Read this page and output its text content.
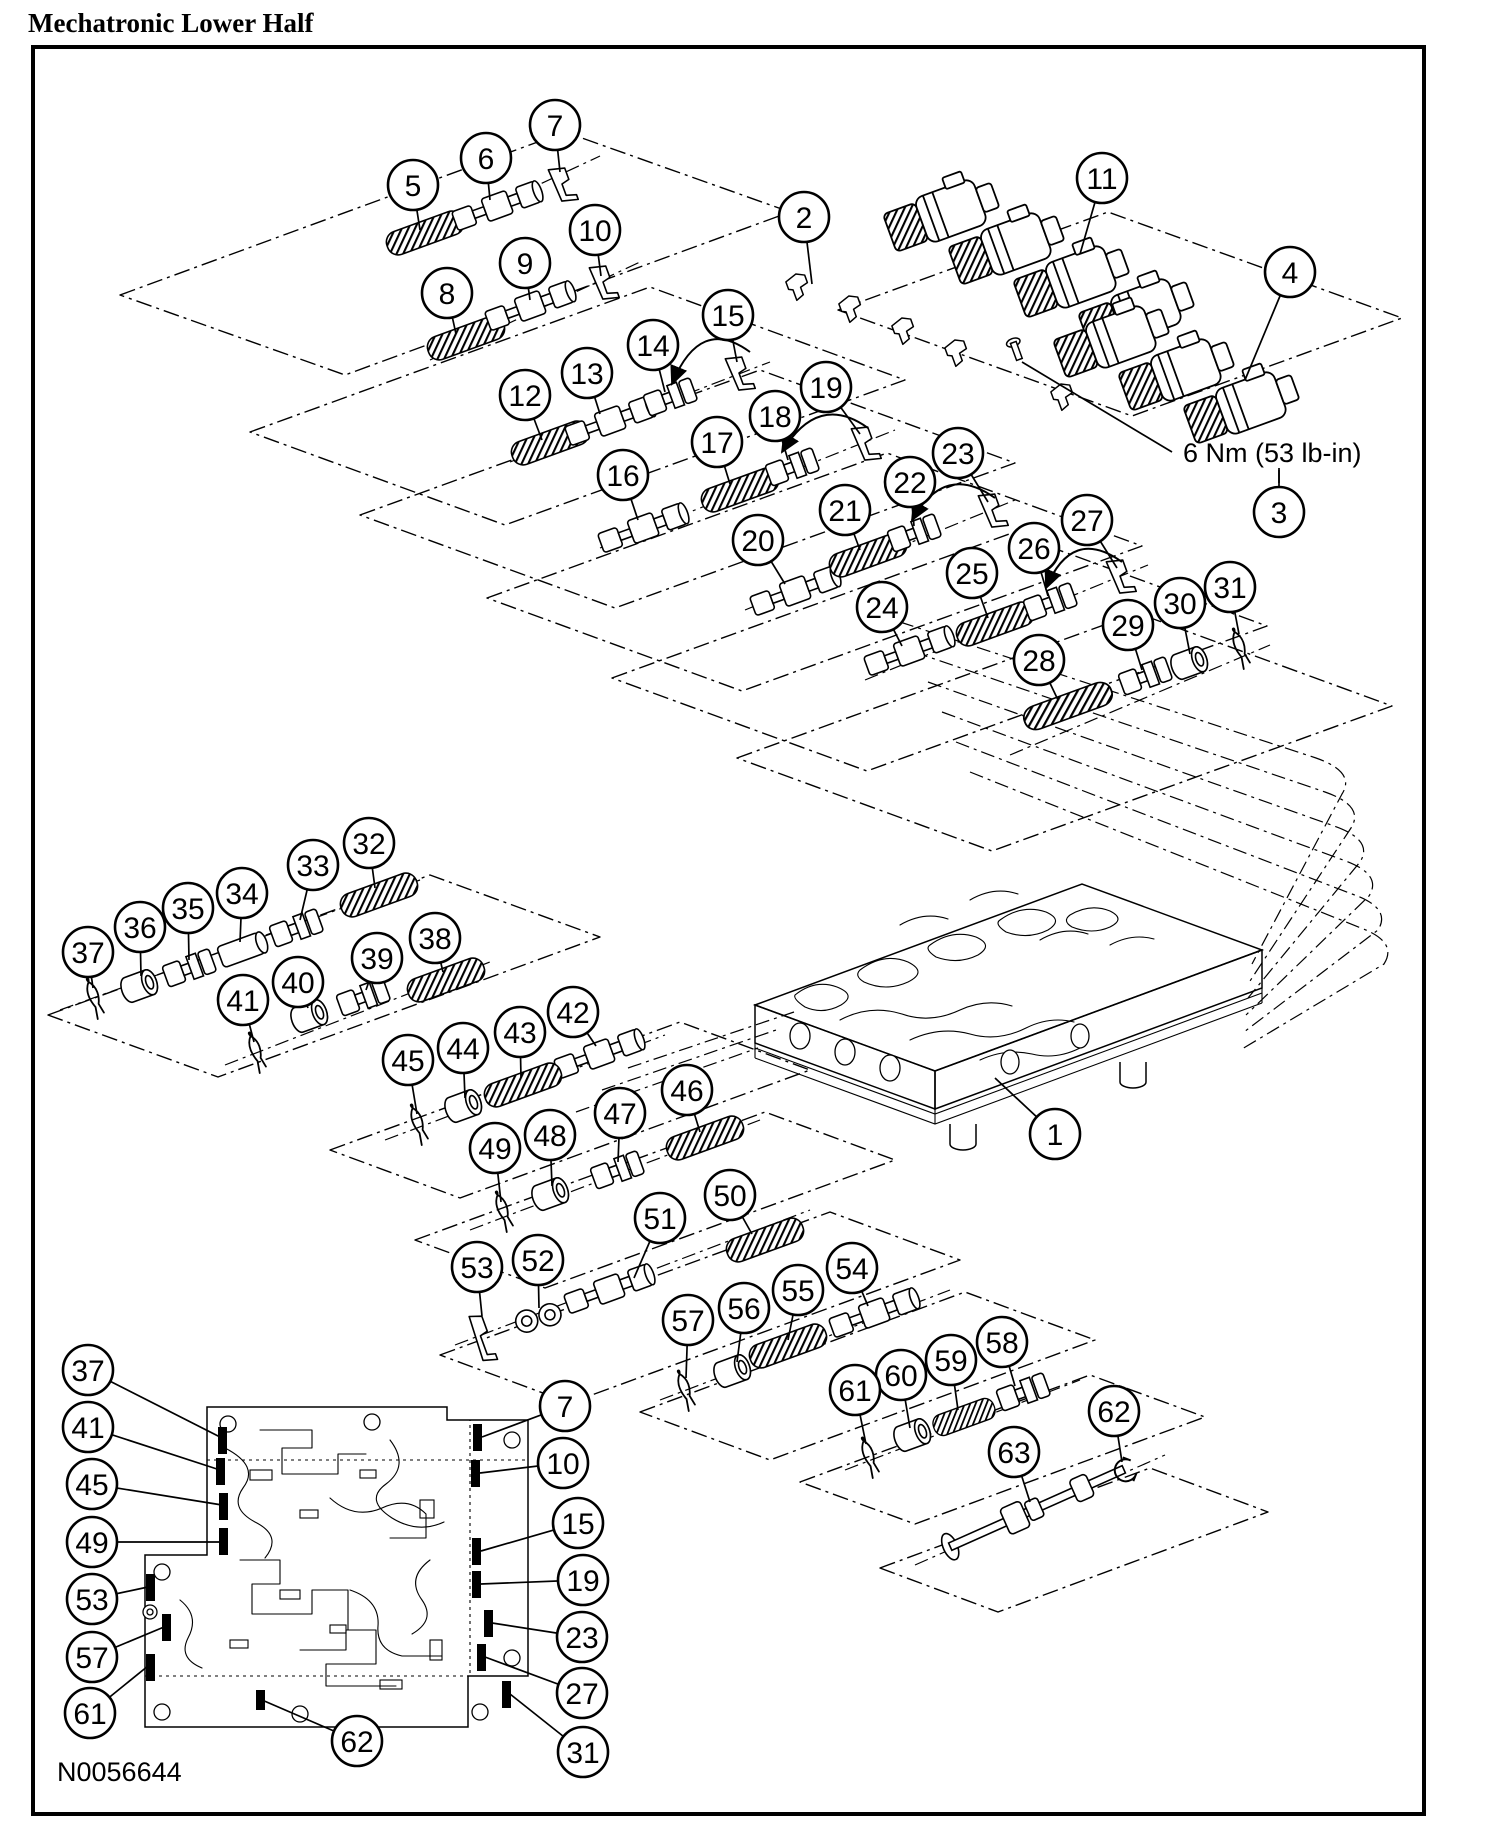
Mechatronic Lower Half
6 Nm (53 lb-in)
N0056644
1
2
3
4
5
6
7
8
9
10
11
12
13
14
15
16
17
18
19
20
21
22
23
24
25
26
27
28
29
30 31
32
33
34
35
36
37	38
39
40
41	42
43
44
45
46
47
48
49
50
51
52
53	54
55
56
57
58
59
60
61
62
63
37
41
45
49
53
57
61
62
7
10
15
19
23
27
31
